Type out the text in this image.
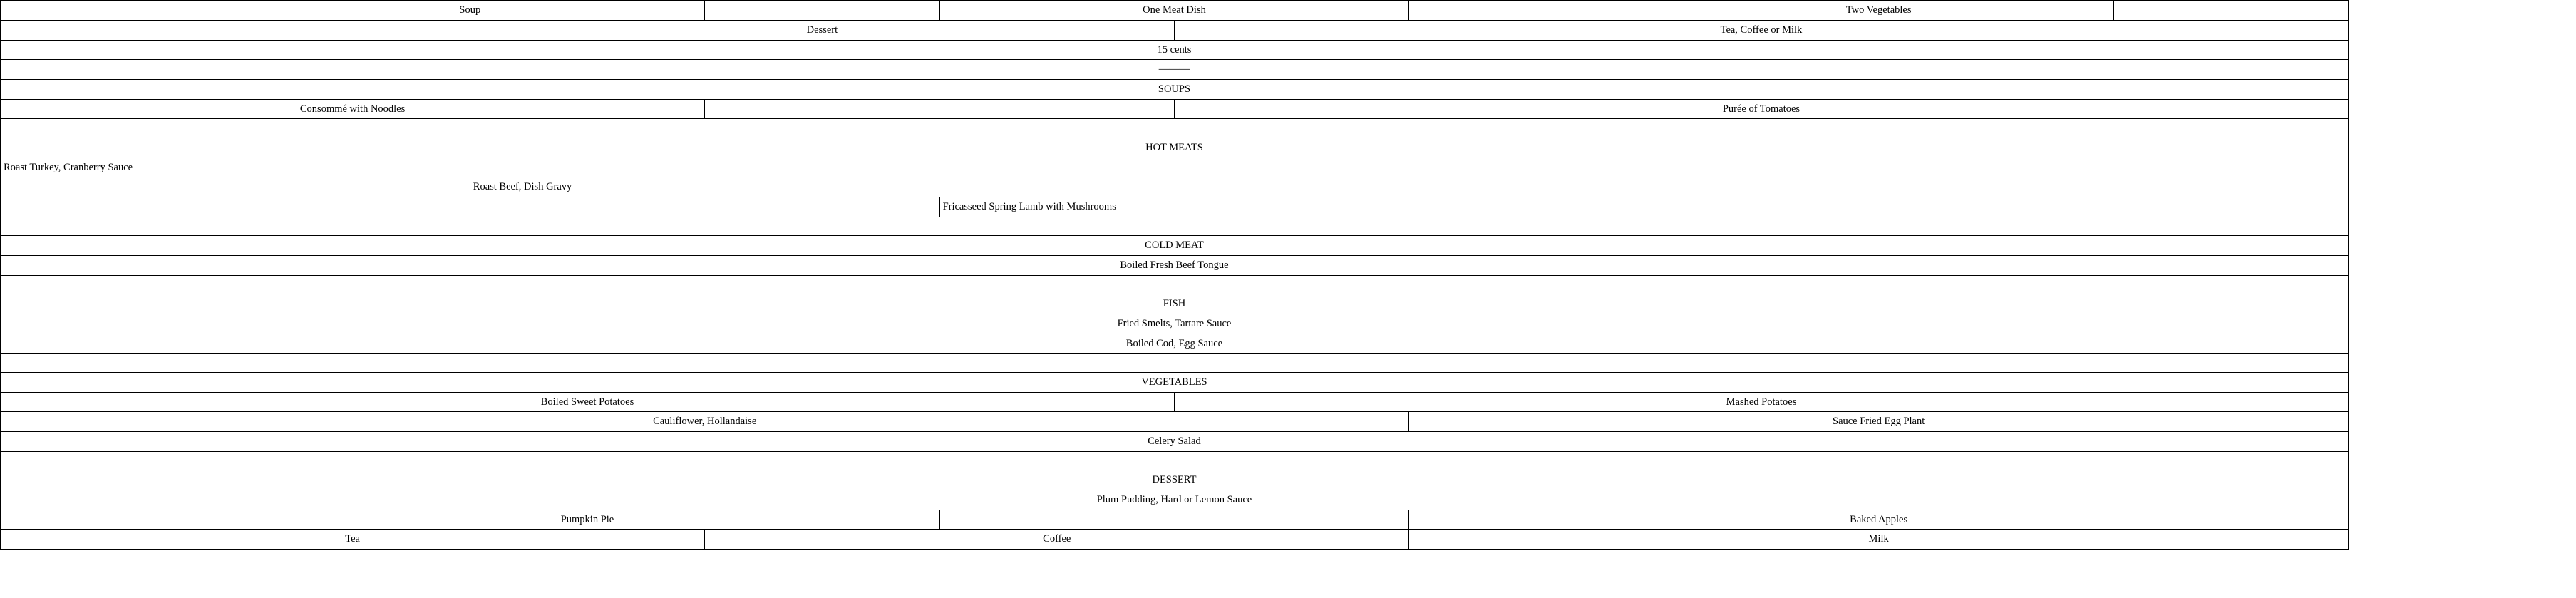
	Soup			One Meat Dish			Two Vegetables	
		Dessert			Tea, Coffee or Milk			
15 cents								
———								
SOUPS								
Consommé with Noodles					Purée of Tomatoes			

HOT MEATS								
Roast Turkey, Cranberry Sauce								
		Roast Beef, Dish Gravy						
				Fricasseed Spring Lamb with Mushrooms				

COLD MEAT								
Boiled Fresh Beef Tongue								

FISH								
Fried Smelts, Tartare Sauce								
Boiled Cod, Egg Sauce								

VEGETABLES								
Boiled Sweet Potatoes					Mashed Potatoes			
Cauliflower, Hollandaise						Sauce Fried Egg Plant		
Celery Salad								

DESSERT								
Plum Pudding, Hard or Lemon Sauce								
	Pumpkin Pie					Baked Apples		
Tea			Coffee			Milk		
